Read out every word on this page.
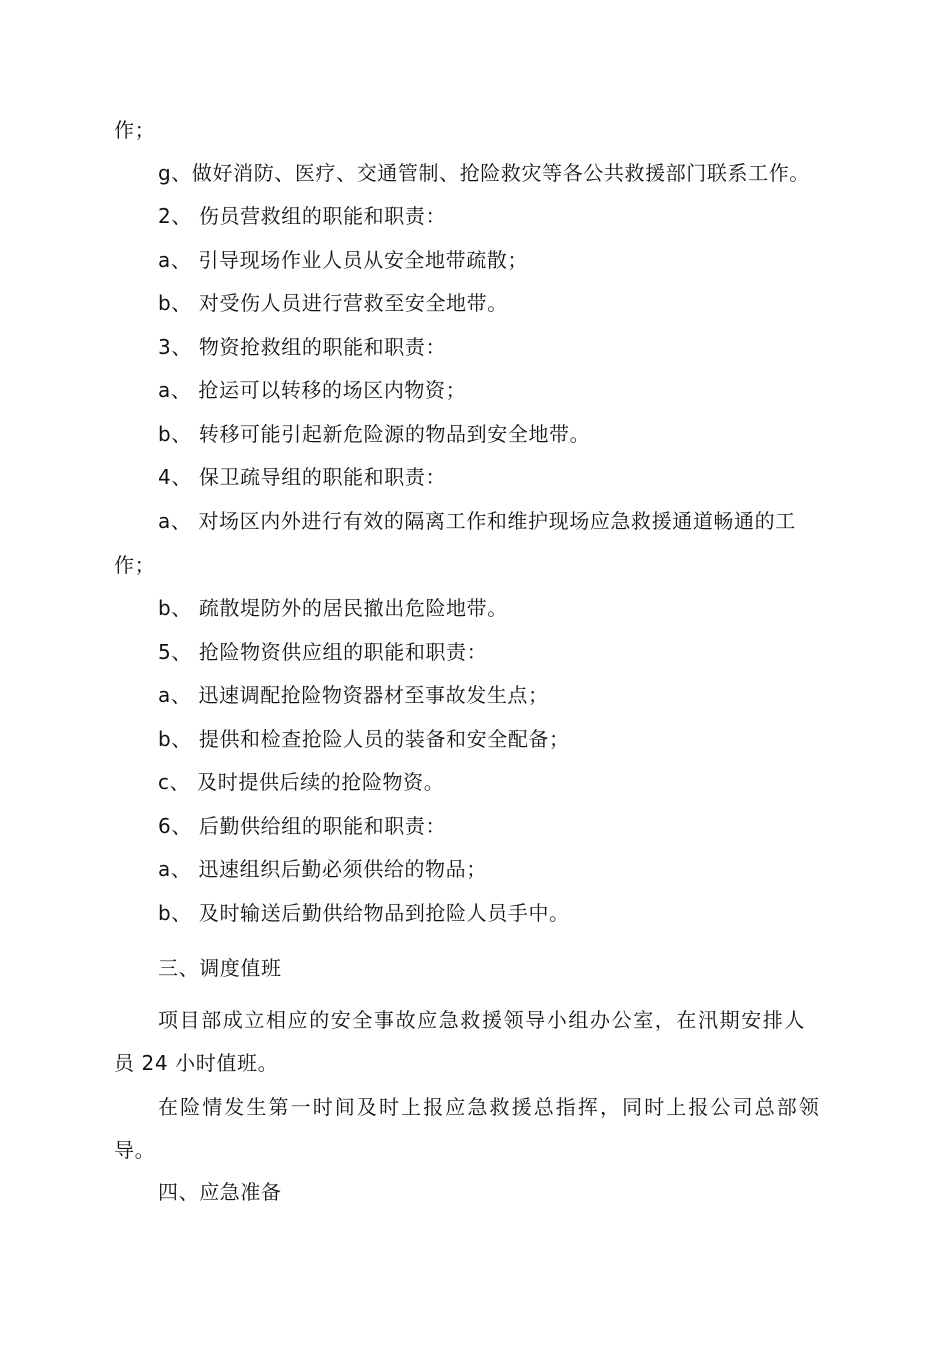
作；

g、做好消防、医疗、交通管制、抢险救灾等各公共救援部门联系工作。

2、 伤员营救组的职能和职责：

a、 引导现场作业人员从安全地带疏散；

b、 对受伤人员进行营救至安全地带。

3、 物资抢救组的职能和职责：

a、 抢运可以转移的场区内物资；

b、 转移可能引起新危险源的物品到安全地带。

4、 保卫疏导组的职能和职责：

a、 对场区内外进行有效的隔离工作和维护现场应急救援通道畅通的工

作；

b、 疏散堤防外的居民撤出危险地带。

5、 抢险物资供应组的职能和职责：

a、 迅速调配抢险物资器材至事故发生点；

b、 提供和检查抢险人员的装备和安全配备；

c、 及时提供后续的抢险物资。

6、 后勤供给组的职能和职责：

a、 迅速组织后勤必须供给的物品；

b、 及时输送后勤供给物品到抢险人员手中。

三、调度值班

项目部成立相应的安全事故应急救援领导小组办公室，在汛期安排人

员 24 小时值班。

在险情发生第一时间及时上报应急救援总指挥，同时上报公司总部领

导。

四、应急准备
